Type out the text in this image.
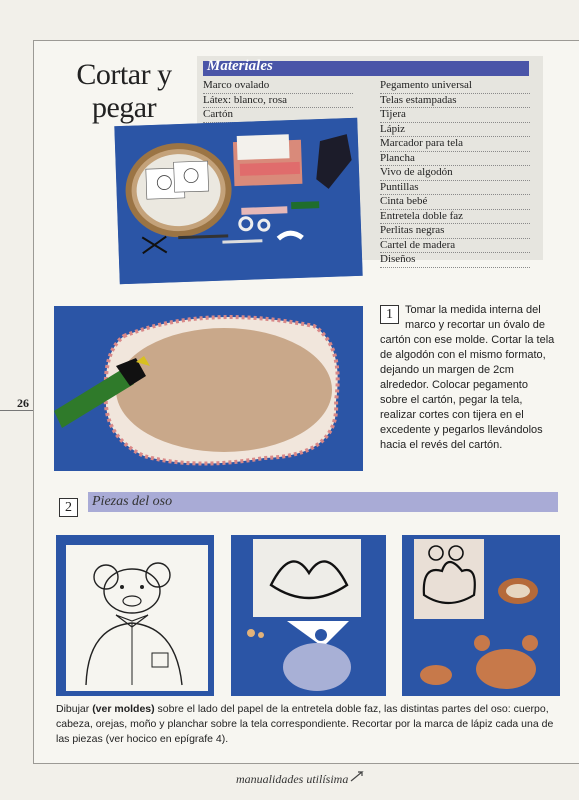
Cortar y
pegar
Materiales
Marco ovalado
Látex: blanco, rosa
Cartón
Pegamento universal
Telas estampadas
Tijera
Lápiz
Marcador para tela
Plancha
Vivo de algodón
Puntillas
Cinta bebé
Entretela doble faz
Perlitas negras
Cartel de madera
Diseños
1	Tomar la medida interna del marco y recortar un óvalo de cartón con ese molde. Cortar la tela de algodón con el mismo formato, dejando un margen de 2cm alrededor. Colocar pegamento sobre el cartón, pegar la tela, realizar cortes con tijera en el excedente y pegarlos llevándolos hacia el revés del cartón.
26
2	Piezas del oso
Dibujar (ver moldes) sobre el lado del papel de la entretela doble faz, las distintas partes del oso: cuerpo, cabeza, orejas, moño y planchar sobre la tela correspondiente. Recortar por la marca de lápiz cada una de las piezas (ver hocico en epígrafe 4).
manualidades utilísima
